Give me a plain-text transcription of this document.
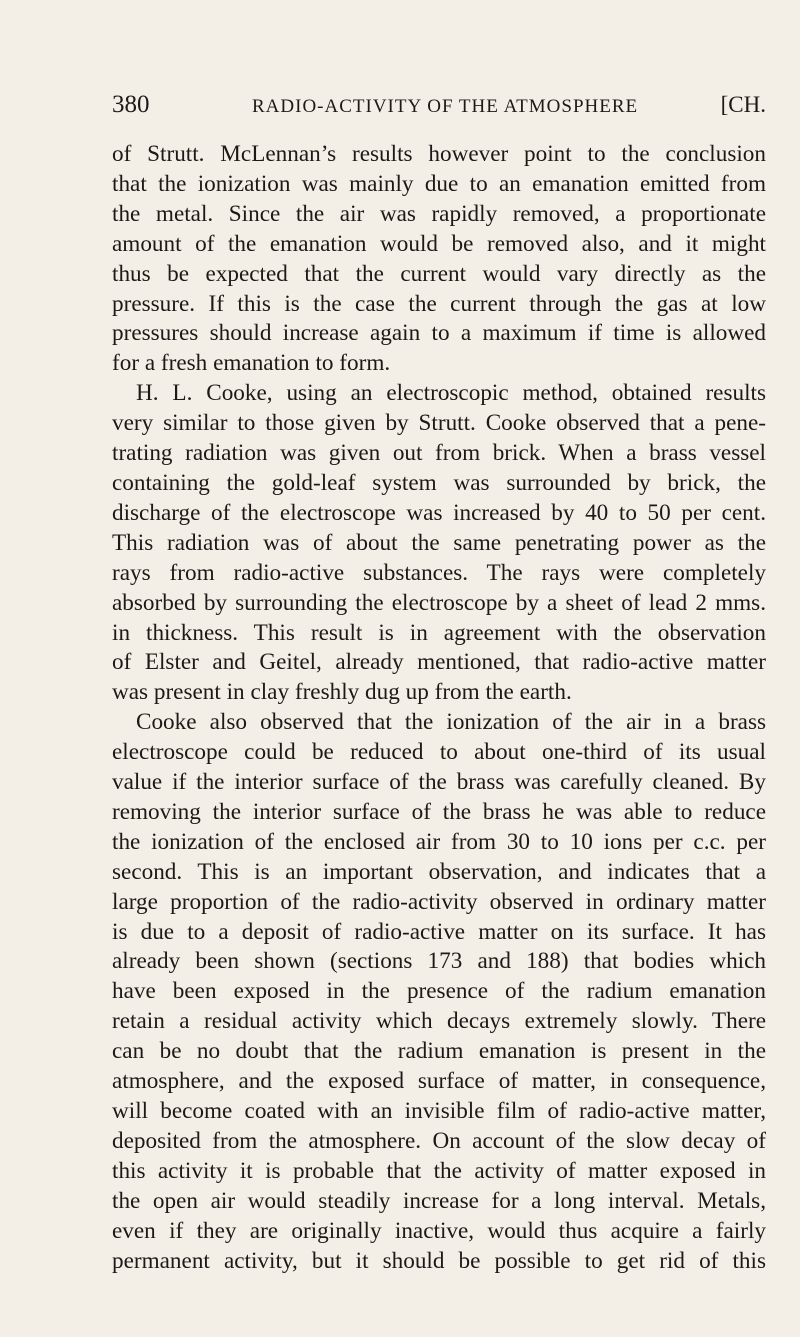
380	RADIO-ACTIVITY OF THE ATMOSPHERE	[CH.
of Strutt. McLennan’s results however point to the conclusion
that the ionization was mainly due to an emanation emitted from
the metal. Since the air was rapidly removed, a proportionate
amount of the emanation would be removed also, and it might
thus be expected that the current would vary directly as the
pressure. If this is the case the current through the gas at low
pressures should increase again to a maximum if time is allowed
for a fresh emanation to form.
H. L. Cooke, using an electroscopic method, obtained results
very similar to those given by Strutt. Cooke observed that a pene-
trating radiation was given out from brick. When a brass vessel
containing the gold-leaf system was surrounded by brick, the
discharge of the electroscope was increased by 40 to 50 per cent.
This radiation was of about the same penetrating power as the
rays from radio-active substances. The rays were completely
absorbed by surrounding the electroscope by a sheet of lead 2 mms.
in thickness. This result is in agreement with the observation
of Elster and Geitel, already mentioned, that radio-active matter
was present in clay freshly dug up from the earth.
Cooke also observed that the ionization of the air in a brass
electroscope could be reduced to about one-third of its usual
value if the interior surface of the brass was carefully cleaned. By
removing the interior surface of the brass he was able to reduce
the ionization of the enclosed air from 30 to 10 ions per c.c. per
second. This is an important observation, and indicates that a
large proportion of the radio-activity observed in ordinary matter
is due to a deposit of radio-active matter on its surface. It has
already been shown (sections 173 and 188) that bodies which
have been exposed in the presence of the radium emanation
retain a residual activity which decays extremely slowly. There
can be no doubt that the radium emanation is present in the
atmosphere, and the exposed surface of matter, in consequence,
will become coated with an invisible film of radio-active matter,
deposited from the atmosphere. On account of the slow decay of
this activity it is probable that the activity of matter exposed in
the open air would steadily increase for a long interval. Metals,
even if they are originally inactive, would thus acquire a fairly
permanent activity, but it should be possible to get rid of this
